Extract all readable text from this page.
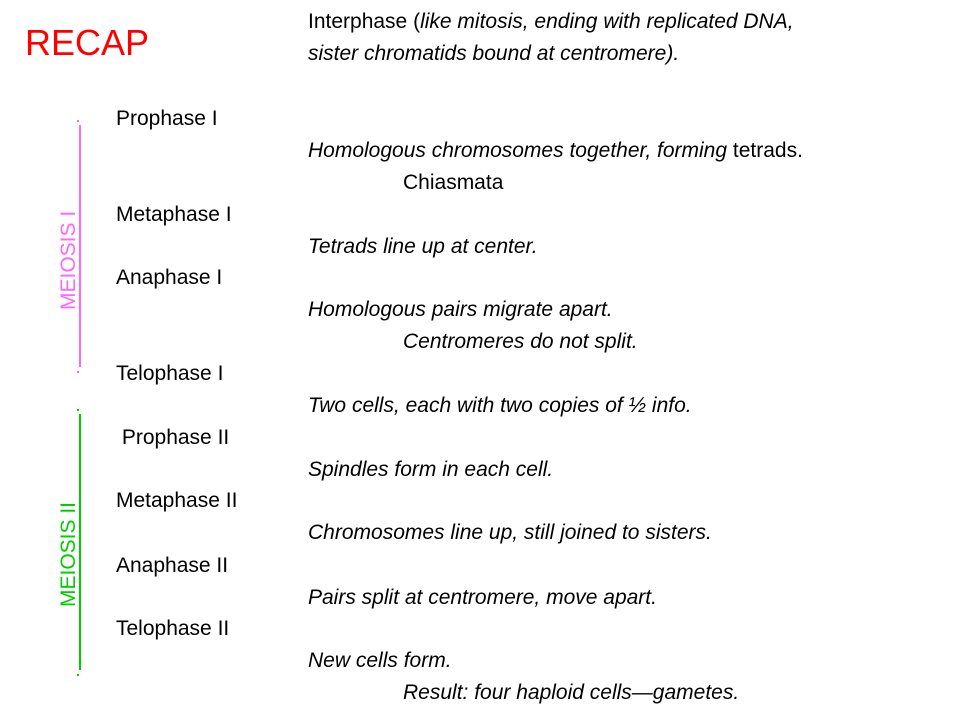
RECAP
Interphase (like mitosis, ending with replicated DNA,
sister chromatids bound at centromere).
MEIOSIS I
MEIOSIS II
Prophase I
Metaphase I
Anaphase I
Telophase I
Prophase II
Metaphase II
Anaphase II
Telophase II
Homologous chromosomes together, forming tetrads.
Chiasmata
Tetrads line up at center.
Homologous pairs migrate apart.
Centromeres do not split.
Two cells, each with two copies of ½ info.
Spindles form in each cell.
Chromosomes line up, still joined to sisters.
Pairs split at centromere, move apart.
New cells form.
Result: four haploid cells—gametes.
